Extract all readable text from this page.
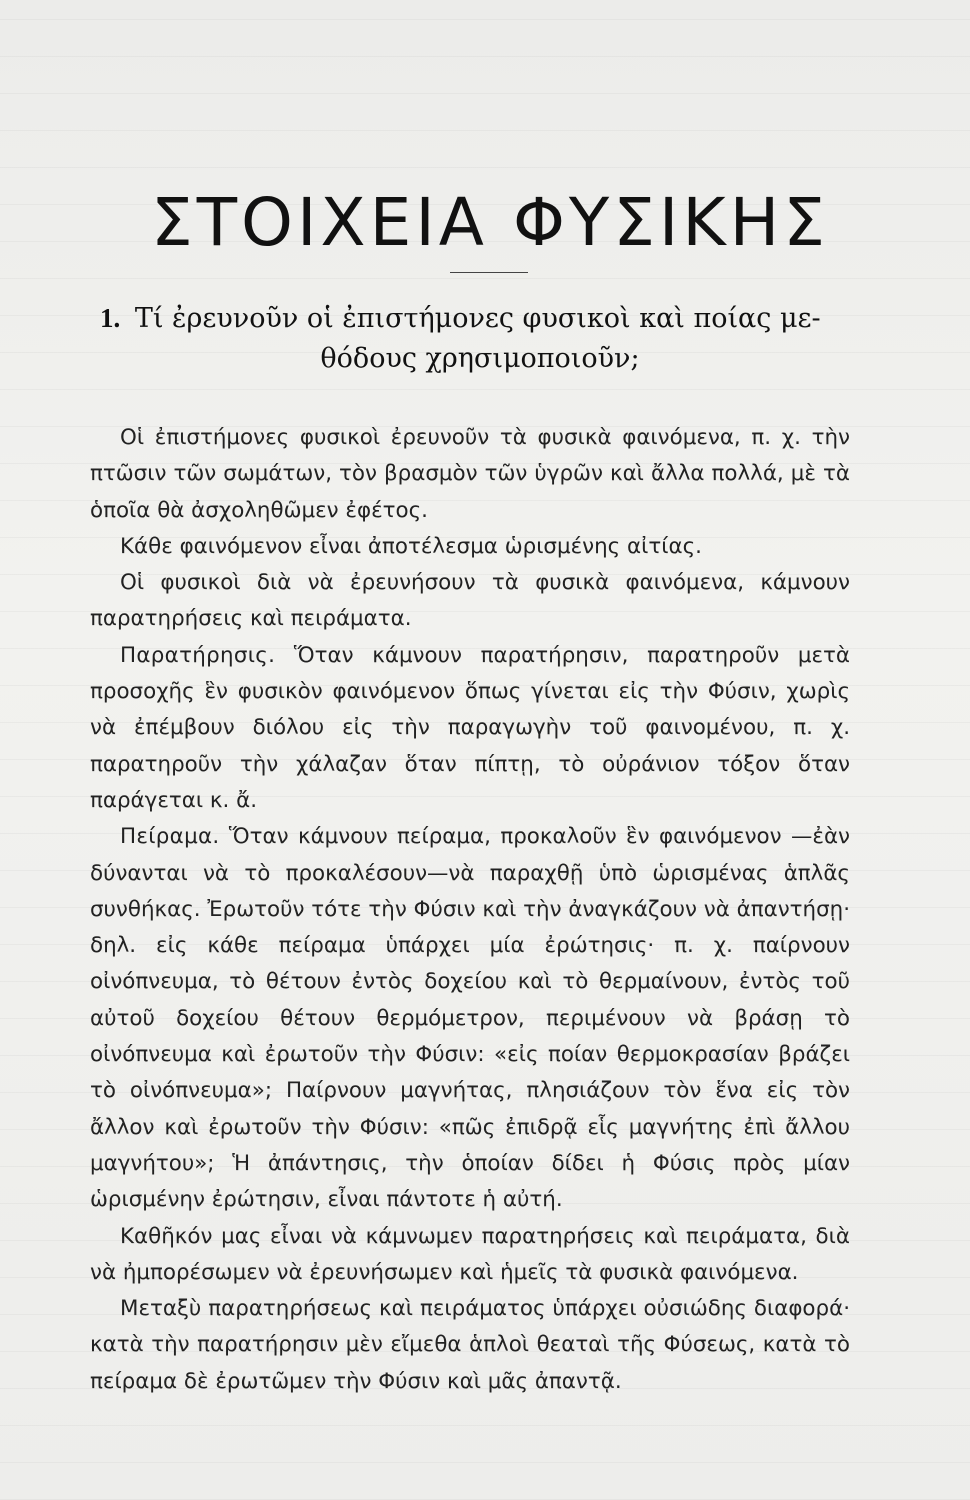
ΣΤΟΙΧΕΙΑ ΦΥΣΙΚΗΣ
1. Τί ἐρευνοῦν οἱ ἐπιστήμονες φυσικοὶ καὶ ποίας με-
θόδους χρησιμοποιοῦν;

Οἱ ἐπιστήμονες φυσικοὶ ἐρευνοῦν τὰ φυσικὰ φαινόμενα, π. χ. τὴν πτῶσιν τῶν σωμάτων, τὸν βρασμὸν τῶν ὑγρῶν καὶ ἄλλα πολλά, μὲ τὰ ὁποῖα θὰ ἀσχοληθῶμεν ἐφέτος.

Κάθε φαινόμενον εἶναι ἀποτέλεσμα ὡρισμένης αἰτίας.

Οἱ φυσικοὶ διὰ νὰ ἐρευνήσουν τὰ φυσικὰ φαινόμενα, κάμνουν παρατηρήσεις καὶ πειράματα.

Παρατήρησις. Ὅταν κάμνουν παρατήρησιν, παρατηροῦν μετὰ προσοχῆς ἓν φυσικὸν φαινόμενον ὅπως γίνεται εἰς τὴν Φύσιν, χωρὶς νὰ ἐπέμβουν διόλου εἰς τὴν παραγωγὴν τοῦ φαινομένου, π. χ. παρατηροῦν τὴν χάλαζαν ὅταν πίπτῃ, τὸ οὐράνιον τόξον ὅταν παράγεται κ. ἄ.

Πείραμα. Ὅταν κάμνουν πείραμα, προκαλοῦν ἓν φαινόμενον —ἐὰν δύνανται νὰ τὸ προκαλέσουν—νὰ παραχθῇ ὑπὸ ὡρισμένας ἁπλᾶς συνθήκας. Ἐρωτοῦν τότε τὴν Φύσιν καὶ τὴν ἀναγκάζουν νὰ ἀπαντήσῃ· δηλ. εἰς κάθε πείραμα ὑπάρχει μία ἐρώτησις· π. χ. παίρνουν οἰνόπνευμα, τὸ θέτουν ἐντὸς δοχείου καὶ τὸ θερμαίνουν, ἐντὸς τοῦ αὐτοῦ δοχείου θέτουν θερμόμετρον, περιμένουν νὰ βράσῃ τὸ οἰνόπνευμα καὶ ἐρωτοῦν τὴν Φύσιν: «εἰς ποίαν θερμοκρασίαν βράζει τὸ οἰνόπνευμα»; Παίρνουν μαγνήτας, πλησιάζουν τὸν ἕνα εἰς τὸν ἄλλον καὶ ἐρωτοῦν τὴν Φύσιν: «πῶς ἐπιδρᾷ εἷς μαγνήτης ἐπὶ ἄλλου μαγνήτου»; Ἡ ἀπάντησις, τὴν ὁποίαν δίδει ἡ Φύσις πρὸς μίαν ὡρισμένην ἐρώτησιν, εἶναι πάντοτε ἡ αὐτή.

Καθῆκόν μας εἶναι νὰ κάμνωμεν παρατηρήσεις καὶ πειράματα, διὰ νὰ ἠμπορέσωμεν νὰ ἐρευνήσωμεν καὶ ἡμεῖς τὰ φυσικὰ φαινόμενα.

Μεταξὺ παρατηρήσεως καὶ πειράματος ὑπάρχει οὐσιώδης διαφορά· κατὰ τὴν παρατήρησιν μὲν εἴμεθα ἁπλοὶ θεαταὶ τῆς Φύσεως, κατὰ τὸ πείραμα δὲ ἐρωτῶμεν τὴν Φύσιν καὶ μᾶς ἀπαντᾷ.
